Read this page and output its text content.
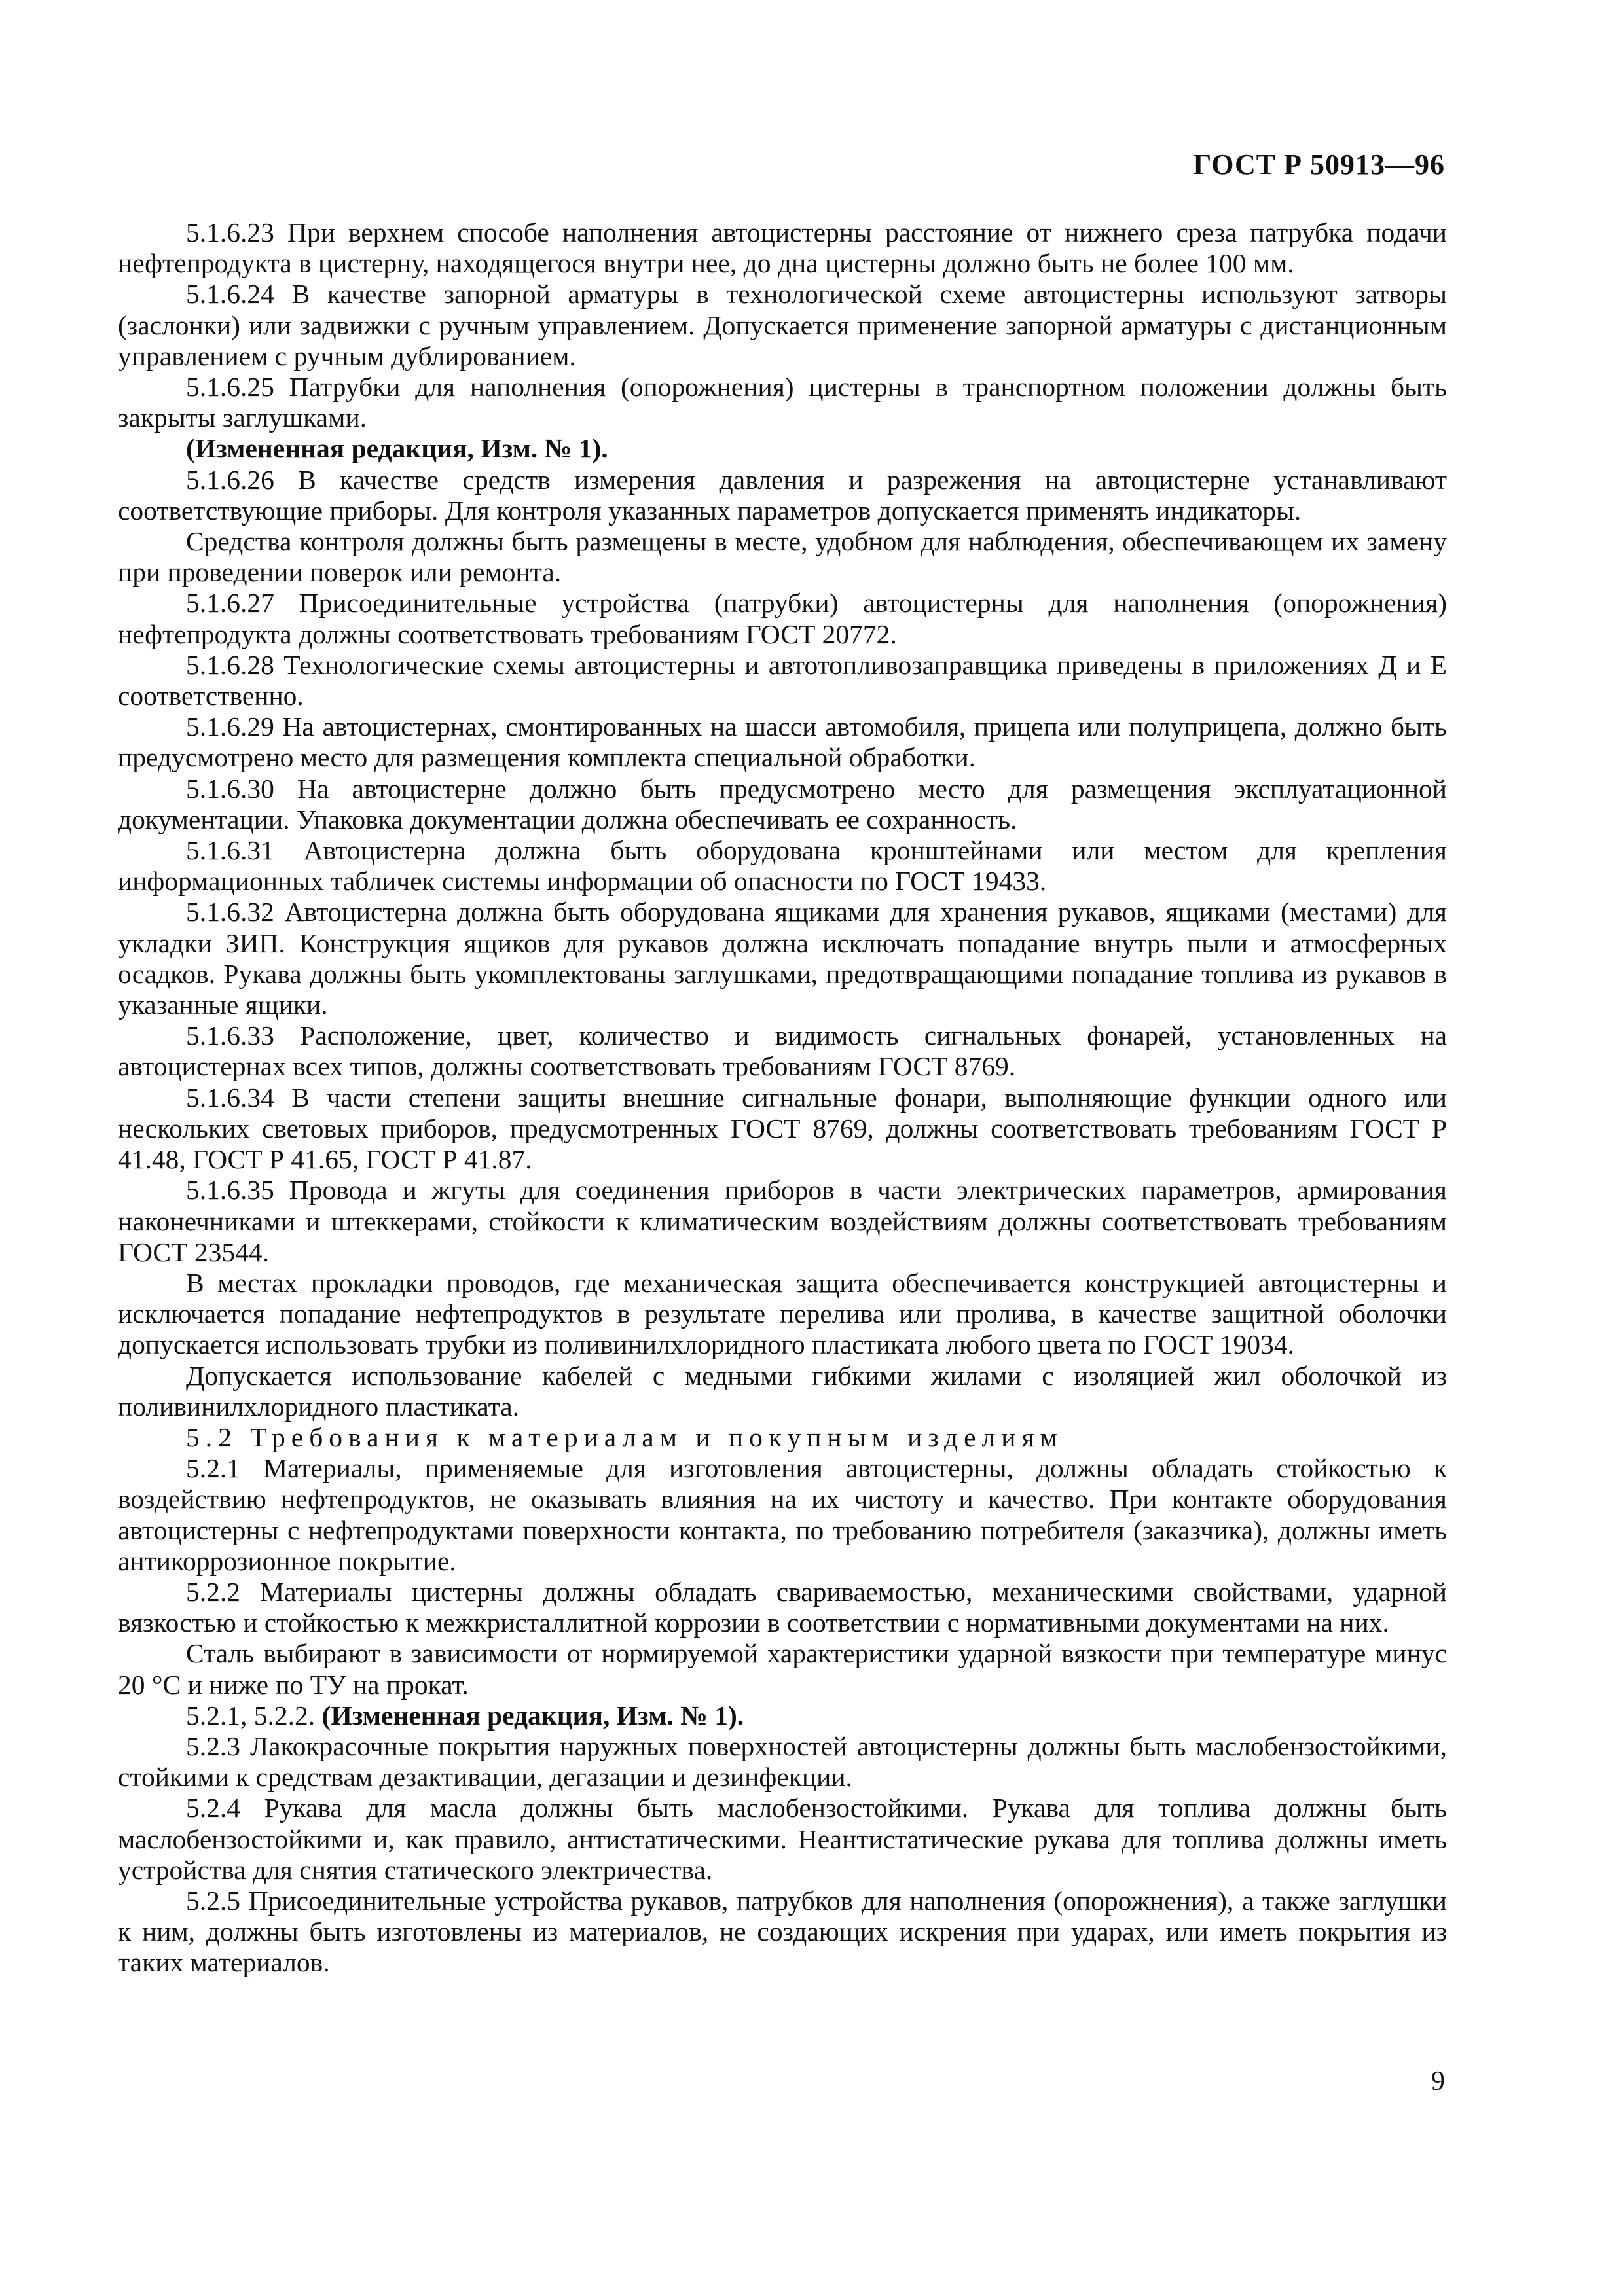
ГОСТ Р 50913—96

5.1.6.23 При верхнем способе наполнения автоцистерны расстояние от нижнего среза патрубка подачи нефтепродукта в цистерну, находящегося внутри нее, до дна цистерны должно быть не более 100 мм.

5.1.6.24 В качестве запорной арматуры в технологической схеме автоцистерны используют затворы (заслонки) или задвижки с ручным управлением. Допускается применение запорной арматуры с дистанционным управлением с ручным дублированием.

5.1.6.25 Патрубки для наполнения (опорожнения) цистерны в транспортном положении должны быть закрыты заглушками.

(Измененная редакция, Изм. № 1).

5.1.6.26 В качестве средств измерения давления и разрежения на автоцистерне устанавливают соответствующие приборы. Для контроля указанных параметров допускается применять индикаторы.

Средства контроля должны быть размещены в месте, удобном для наблюдения, обеспечивающем их замену при проведении поверок или ремонта.

5.1.6.27 Присоединительные устройства (патрубки) автоцистерны для наполнения (опорожнения) нефтепродукта должны соответствовать требованиям ГОСТ 20772.

5.1.6.28 Технологические схемы автоцистерны и автотопливозаправщика приведены в приложениях Д и Е соответственно.

5.1.6.29 На автоцистернах, смонтированных на шасси автомобиля, прицепа или полуприцепа, должно быть предусмотрено место для размещения комплекта специальной обработки.

5.1.6.30 На автоцистерне должно быть предусмотрено место для размещения эксплуатационной документации. Упаковка документации должна обеспечивать ее сохранность.

5.1.6.31 Автоцистерна должна быть оборудована кронштейнами или местом для крепления информационных табличек системы информации об опасности по ГОСТ 19433.

5.1.6.32 Автоцистерна должна быть оборудована ящиками для хранения рукавов, ящиками (местами) для укладки ЗИП. Конструкция ящиков для рукавов должна исключать попадание внутрь пыли и атмосферных осадков. Рукава должны быть укомплектованы заглушками, предотвращающими попадание топлива из рукавов в указанные ящики.

5.1.6.33 Расположение, цвет, количество и видимость сигнальных фонарей, установленных на автоцистернах всех типов, должны соответствовать требованиям ГОСТ 8769.

5.1.6.34 В части степени защиты внешние сигнальные фонари, выполняющие функции одного или нескольких световых приборов, предусмотренных ГОСТ 8769, должны соответствовать требованиям ГОСТ Р 41.48, ГОСТ Р 41.65, ГОСТ Р 41.87.

5.1.6.35 Провода и жгуты для соединения приборов в части электрических параметров, армирования наконечниками и штеккерами, стойкости к климатическим воздействиям должны соответствовать требованиям ГОСТ 23544.

В местах прокладки проводов, где механическая защита обеспечивается конструкцией автоцистерны и исключается попадание нефтепродуктов в результате перелива или пролива, в качестве защитной оболочки допускается использовать трубки из поливинилхлоридного пластиката любого цвета по ГОСТ 19034.

Допускается использование кабелей с медными гибкими жилами с изоляцией жил оболочкой из поливинилхлоридного пластиката.

5.2 Требования к материалам и покупным изделиям

5.2.1 Материалы, применяемые для изготовления автоцистерны, должны обладать стойкостью к воздействию нефтепродуктов, не оказывать влияния на их чистоту и качество. При контакте оборудования автоцистерны с нефтепродуктами поверхности контакта, по требованию потребителя (заказчика), должны иметь антикоррозионное покрытие.

5.2.2 Материалы цистерны должны обладать свариваемостью, механическими свойствами, ударной вязкостью и стойкостью к межкристаллитной коррозии в соответствии с нормативными документами на них.

Сталь выбирают в зависимости от нормируемой характеристики ударной вязкости при температуре минус 20 °С и ниже по ТУ на прокат.

5.2.1, 5.2.2. (Измененная редакция, Изм. № 1).

5.2.3 Лакокрасочные покрытия наружных поверхностей автоцистерны должны быть маслобензостойкими, стойкими к средствам дезактивации, дегазации и дезинфекции.

5.2.4 Рукава для масла должны быть маслобензостойкими. Рукава для топлива должны быть маслобензостойкими и, как правило, антистатическими. Неантистатические рукава для топлива должны иметь устройства для снятия статического электричества.

5.2.5 Присоединительные устройства рукавов, патрубков для наполнения (опорожнения), а также заглушки к ним, должны быть изготовлены из материалов, не создающих искрения при ударах, или иметь покрытия из таких материалов.

9
